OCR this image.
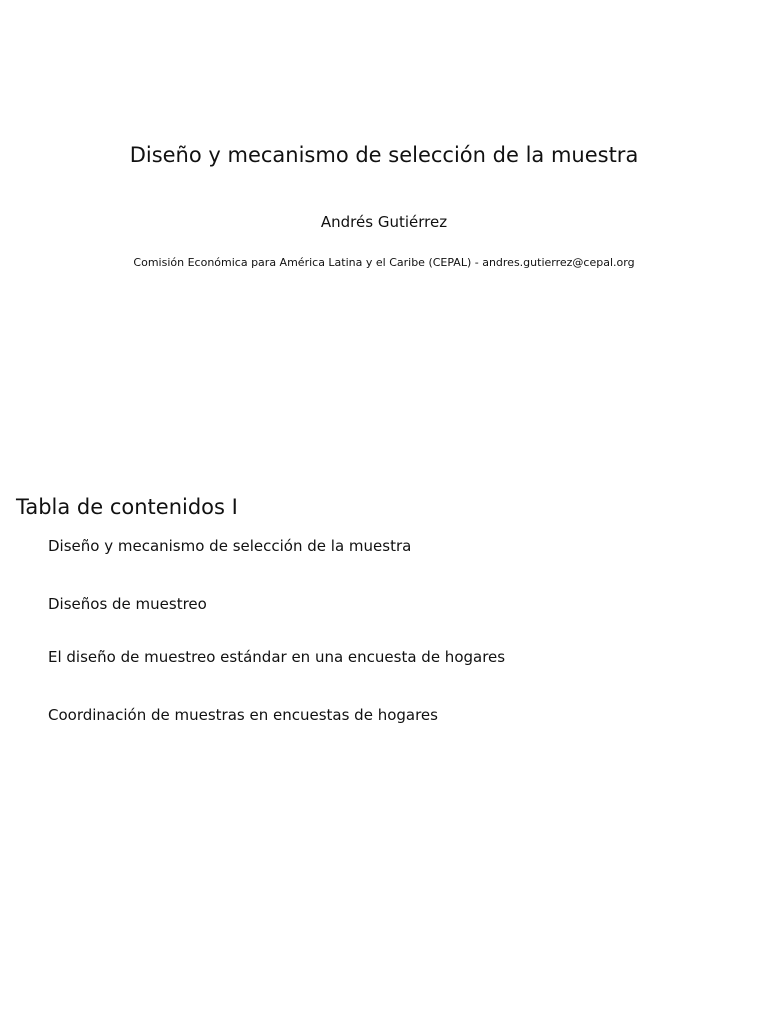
Diseño y mecanismo de selección de la muestra
Andrés Gutiérrez
Comisión Económica para América Latina y el Caribe (CEPAL) - andres.gutierrez@cepal.org
Tabla de contenidos I
Diseño y mecanismo de selección de la muestra
Diseños de muestreo
El diseño de muestreo estándar en una encuesta de hogares
Coordinación de muestras en encuestas de hogares
